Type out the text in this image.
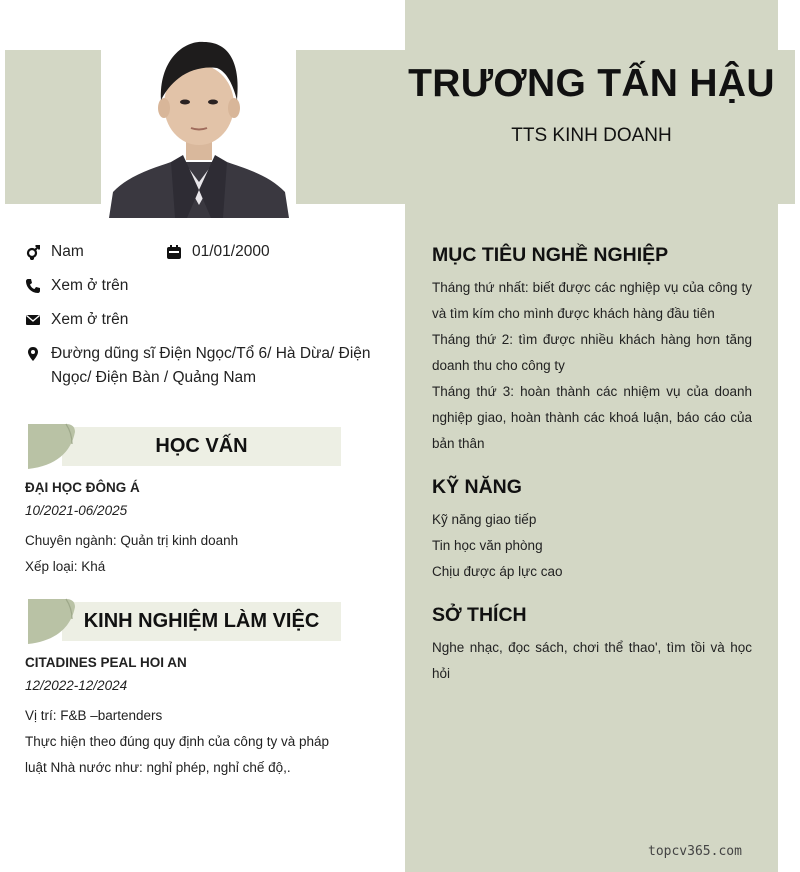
TRƯƠNG TẤN HẬU
TTS KINH DOANH
Nam	01/01/2000
Xem ở trên
Xem ở trên
Đường dũng sĩ Điện Ngọc/Tổ 6/ Hà Dừa/ Điện Ngọc/ Điện Bàn / Quảng Nam
HỌC VẤN
ĐẠI HỌC ĐÔNG Á
10/2021-06/2025
Chuyên ngành: Quản trị kinh doanh
Xếp loại: Khá
KINH NGHIỆM LÀM VIỆC
CITADINES PEAL HOI AN
12/2022-12/2024
Vị trí: F&B –bartenders
Thực hiện theo đúng quy định của công ty và pháp luật Nhà nước như: nghỉ phép, nghỉ chế độ,.
MỤC TIÊU NGHỀ NGHIỆP
Tháng thứ nhất: biết được các nghiệp vụ của công ty và tìm kím cho mình được khách hàng đầu tiên
Tháng thứ 2: tìm được nhiều khách hàng hơn tăng doanh thu cho công ty
Tháng thứ 3: hoàn thành các nhiệm vụ của doanh nghiệp giao, hoàn thành các khoá luận, báo cáo của bản thân
KỸ NĂNG
Kỹ năng giao tiếp
Tin học văn phòng
Chịu được áp lực cao
SỞ THÍCH
Nghe nhạc, đọc sách, chơi thể thao', tìm tồi và học hỏi
topcv365.com
